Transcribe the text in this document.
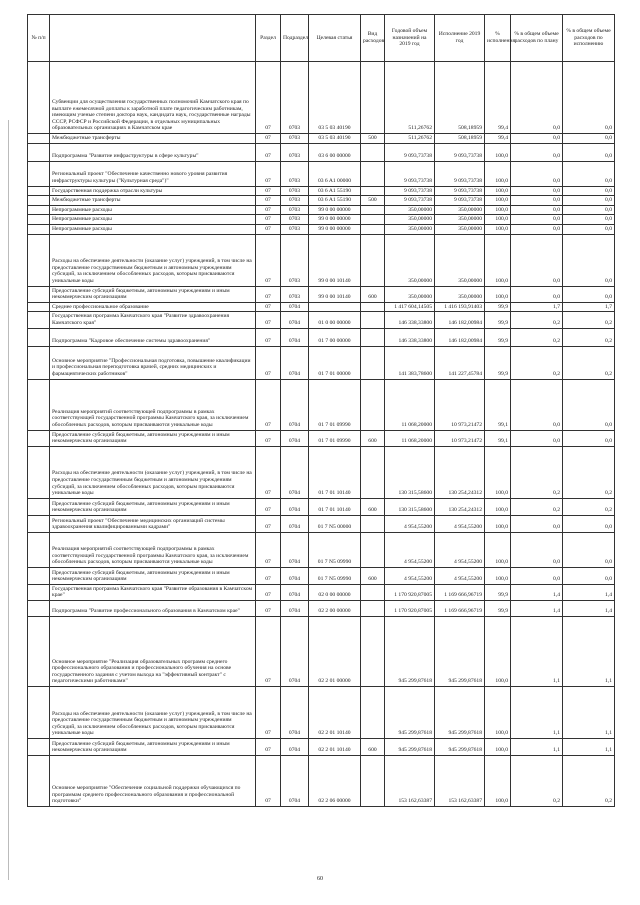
№ п/п		Раздел	Подраздел	Целевая статья	Вид расходов	Годовой объем назначений на 2019 год	Исполнение 2019 год	% исполнения	% в общем объеме расходов по плану	% в общем объеме расходов по исполнению
	Субвенции для осуществления государственных полномочий Камчатского края по выплате ежемесячной доплаты к заработной плате педагогическим работникам, имеющим ученые степени доктора наук, кандидата наук, государственные награды СССР, РСФСР и Российской Федерации, в отдельных муниципальных образовательных организациях в Камчатском крае	07	0703	03 5 03 40190		511,26762	508,18959	99,4	0,0	0,0
	Межбюджетные трансферты	07	0703	03 5 03 40190	500	511,26762	508,18959	99,4	0,0	0,0
	Подпрограмма "Развитие инфраструктуры в сфере культуры"	07	0703	03 6 00 00000		9 093,73738	9 093,73738	100,0	0,0	0,0
	Региональный проект "Обеспечение качественно нового уровня развития инфраструктуры культуры ("Культурная среда")"	07	0703	03 6 A1 00000		9 093,73738	9 093,73738	100,0	0,0	0,0
	Государственная поддержка отрасли культуры	07	0703	03 6 A1 55190		9 093,73738	9 093,73738	100,0	0,0	0,0
	Межбюджетные трансферты	07	0703	03 6 A1 55190	500	9 093,73738	9 093,73738	100,0	0,0	0,0
	Непрограммные расходы	07	0703	99 0 00 00000		350,00000	350,00000	100,0	0,0	0,0
	Непрограммные расходы	07	0703	99 0 00 00000		350,00000	350,00000	100,0	0,0	0,0
	Непрограммные расходы	07	0703	99 0 00 00000		350,00000	350,00000	100,0	0,0	0,0
	Расходы на обеспечение деятельности (оказание услуг) учреждений, в том числе на предоставление государственным бюджетным и автономным учреждениям субсидий, за исключением обособленных расходов, которым присваиваются уникальные коды	07	0703	99 0 00 10140		350,00000	350,00000	100,0	0,0	0,0
	Предоставление субсидий бюджетным, автономным учреждениям и иным некоммерческим организациям	07	0703	99 0 00 10140	600	350,00000	350,00000	100,0	0,0	0,0
	Среднее профессиональное образование	07	0704			1 417 604,14505	1 416 193,91403	99,9	1,7	1,7
	Государственная программа Камчатского края "Развитие здравоохранения Камчатского края"	07	0704	01 0 00 00000		146 338,33800	146 182,00984	99,9	0,2	0,2
	Подпрограмма "Кадровое обеспечение системы здравоохранения"	07	0704	01 7 00 00000		146 338,33800	146 182,00984	99,9	0,2	0,2
	Основное мероприятие "Профессиональная подготовка, повышение квалификации и профессиональная переподготовка врачей, средних медицинских и фармацевтических работников"	07	0704	01 7 01 00000		141 383,78600	141 227,45784	99,9	0,2	0,2
	Реализация мероприятий соответствующей подпрограммы в рамках соответствующей государственной программы Камчатского края, за исключением обособленных расходов, которым присваиваются уникальные коды	07	0704	01 7 01 09990		11 068,20000	10 973,21472	99,1	0,0	0,0
	Предоставление субсидий бюджетным, автономным учреждениям и иным некоммерческим организациям	07	0704	01 7 01 09990	600	11 068,20000	10 973,21472	99,1	0,0	0,0
	Расходы на обеспечение деятельности (оказание услуг) учреждений, в том числе на предоставление государственным бюджетным и автономным учреждениям субсидий, за исключением обособленных расходов, которым присваиваются уникальные коды	07	0704	01 7 01 10140		130 315,58600	130 254,24312	100,0	0,2	0,2
	Предоставление субсидий бюджетным, автономным учреждениям и иным некоммерческим организациям	07	0704	01 7 01 10140	600	130 315,58600	130 254,24312	100,0	0,2	0,2
	Региональный проект "Обеспечение медицинских организаций системы здравоохранения квалифицированными кадрами"	07	0704	01 7 N5 00000		4 954,55200	4 954,55200	100,0	0,0	0,0
	Реализация мероприятий соответствующей подпрограммы в рамках соответствующей государственной программы Камчатского края, за исключением обособленных расходов, которым присваиваются уникальные коды	07	0704	01 7 N5 09990		4 954,55200	4 954,55200	100,0	0,0	0,0
	Предоставление субсидий бюджетным, автономным учреждениям и иным некоммерческим организациям	07	0704	01 7 N5 09990	600	4 954,55200	4 954,55200	100,0	0,0	0,0
	Государственная программа Камчатского края "Развитие образования в Камчатском крае"	07	0704	02 0 00 00000		1 170 920,87005	1 169 666,96719	99,9	1,4	1,4
	Подпрограмма "Развитие профессионального образования в Камчатском крае"	07	0704	02 2 00 00000		1 170 920,87005	1 169 666,96719	99,9	1,4	1,4
	Основное мероприятие "Реализация образовательных программ среднего профессионального образования и профессионального обучения на основе государственного задания с учетом выхода на "эффективный контракт" с педагогическими работниками"	07	0704	02 2 01 00000		945 299,87618	945 299,87618	100,0	1,1	1,1
	Расходы на обеспечение деятельности (оказание услуг) учреждений, в том числе на предоставление государственным бюджетным и автономным учреждениям субсидий, за исключением обособленных расходов, которым присваиваются уникальные коды	07	0704	02 2 01 10140		945 299,87618	945 299,87618	100,0	1,1	1,1
	Предоставление субсидий бюджетным, автономным учреждениям и иным некоммерческим организациям	07	0704	02 2 01 10140	600	945 299,87618	945 299,87618	100,0	1,1	1,1
	Основное мероприятие "Обеспечение социальной поддержки обучающихся по программам среднего профессионального образования и профессиональной подготовки"	07	0704	02 2 06 00000		153 162,63387	153 162,63387	100,0	0,2	0,2
60
